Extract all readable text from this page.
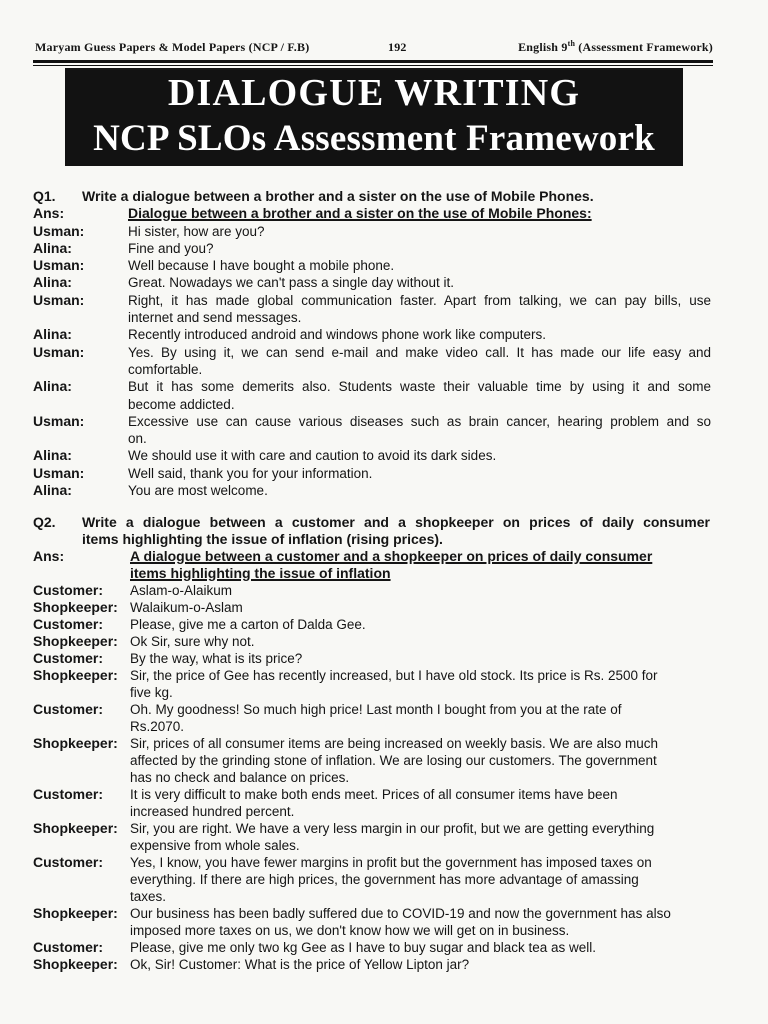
Maryam Guess Papers & Model Papers (NCP / F.B)	192	English 9th (Assessment Framework)
DIALOGUE WRITING
NCP SLOs Assessment Framework
Q1.	Write a dialogue between a brother and a sister on the use of Mobile Phones.
Ans:	Dialogue between a brother and a sister on the use of Mobile Phones:
Usman:	Hi sister, how are you?
Alina:	Fine and you?
Usman:	Well because I have bought a mobile phone.
Alina:	Great. Nowadays we can't pass a single day without it.
Usman:	Right, it has made global communication faster. Apart from talking, we can pay bills, use
internet and send messages.
Alina:	Recently introduced android and windows phone work like computers.
Usman:	Yes. By using it, we can send e-mail and make video call. It has made our life easy and
comfortable.
Alina:	But it has some demerits also. Students waste their valuable time by using it and some
become addicted.
Usman:	Excessive use can cause various diseases such as brain cancer, hearing problem and so
on.
Alina:	We should use it with care and caution to avoid its dark sides.
Usman:	Well said, thank you for your information.
Alina:	You are most welcome.
Q2.	Write a dialogue between a customer and a shopkeeper on prices of daily consumer
items highlighting the issue of inflation (rising prices).
Ans:	A dialogue between a customer and a shopkeeper on prices of daily consumer
items highlighting the issue of inflation
Customer:	Aslam-o-Alaikum
Shopkeeper: Walaikum-o-Aslam
Customer:	Please, give me a carton of Dalda Gee.
Shopkeeper: Ok Sir, sure why not.
Customer:	By the way, what is its price?
Shopkeeper: Sir, the price of Gee has recently increased, but I have old stock. Its price is Rs. 2500 for
five kg.
Customer:	Oh. My goodness! So much high price! Last month I bought from you at the rate of
Rs.2070.
Shopkeeper: Sir, prices of all consumer items are being increased on weekly basis. We are also much
affected by the grinding stone of inflation. We are losing our customers. The government
has no check and balance on prices.
Customer:	It is very difficult to make both ends meet. Prices of all consumer items have been
increased hundred percent.
Shopkeeper: Sir, you are right. We have a very less margin in our profit, but we are getting everything
expensive from whole sales.
Customer:	Yes, I know, you have fewer margins in profit but the government has imposed taxes on
everything. If there are high prices, the government has more advantage of amassing
taxes.
Shopkeeper: Our business has been badly suffered due to COVID-19 and now the government has also
imposed more taxes on us, we don't know how we will get on in business.
Customer:	Please, give me only two kg Gee as I have to buy sugar and black tea as well.
Shopkeeper: Ok, Sir! Customer: What is the price of Yellow Lipton jar?
